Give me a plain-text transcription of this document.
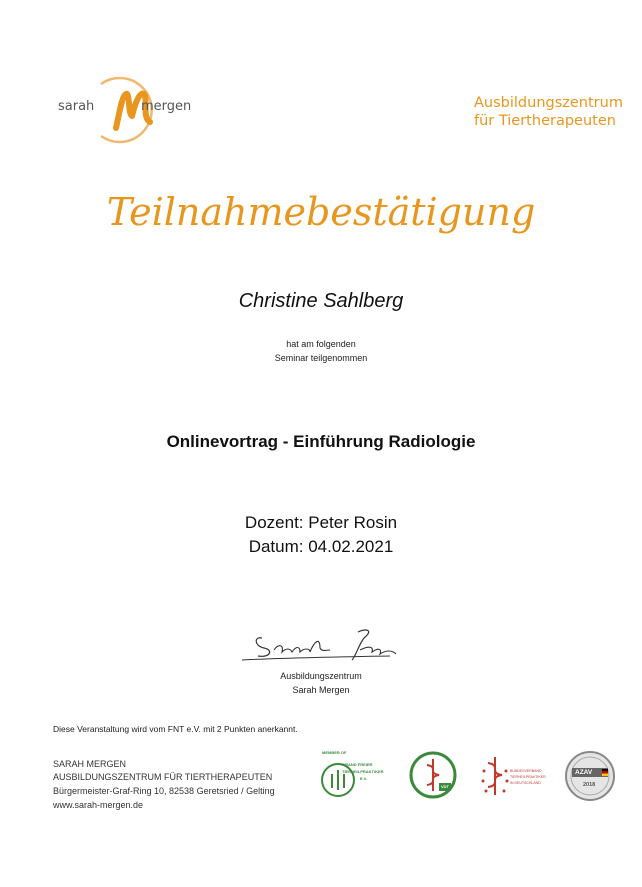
sarah	mergen	Ausbildungszentrum
für Tiertherapeuten
Teilnahmebestätigung
Christine Sahlberg
hat am folgenden
Seminar teilgenommen
Onlinevortrag - Einführung Radiologie
Dozent: Peter Rosin
Datum: 04.02.2021
Ausbildungszentrum
Sarah Mergen
Diese Veranstaltung wird vom FNT e.V. mit 2 Punkten anerkannt.
SARAH MERGEN
AUSBILDUNGSZENTRUM FÜR TIERTHERAPEUTEN
Bürgermeister-Graf-Ring 10, 82538 Geretsried / Gelting
www.sarah-mergen.de
MEMBER OF
GRAND FREIER
TIERHEILPRAKTIKER
E.V.
VDT
BUNDESVERBAND
TIERHEILPRAKTIKER
IN DEUTSCHLAND
AZAV
2018
